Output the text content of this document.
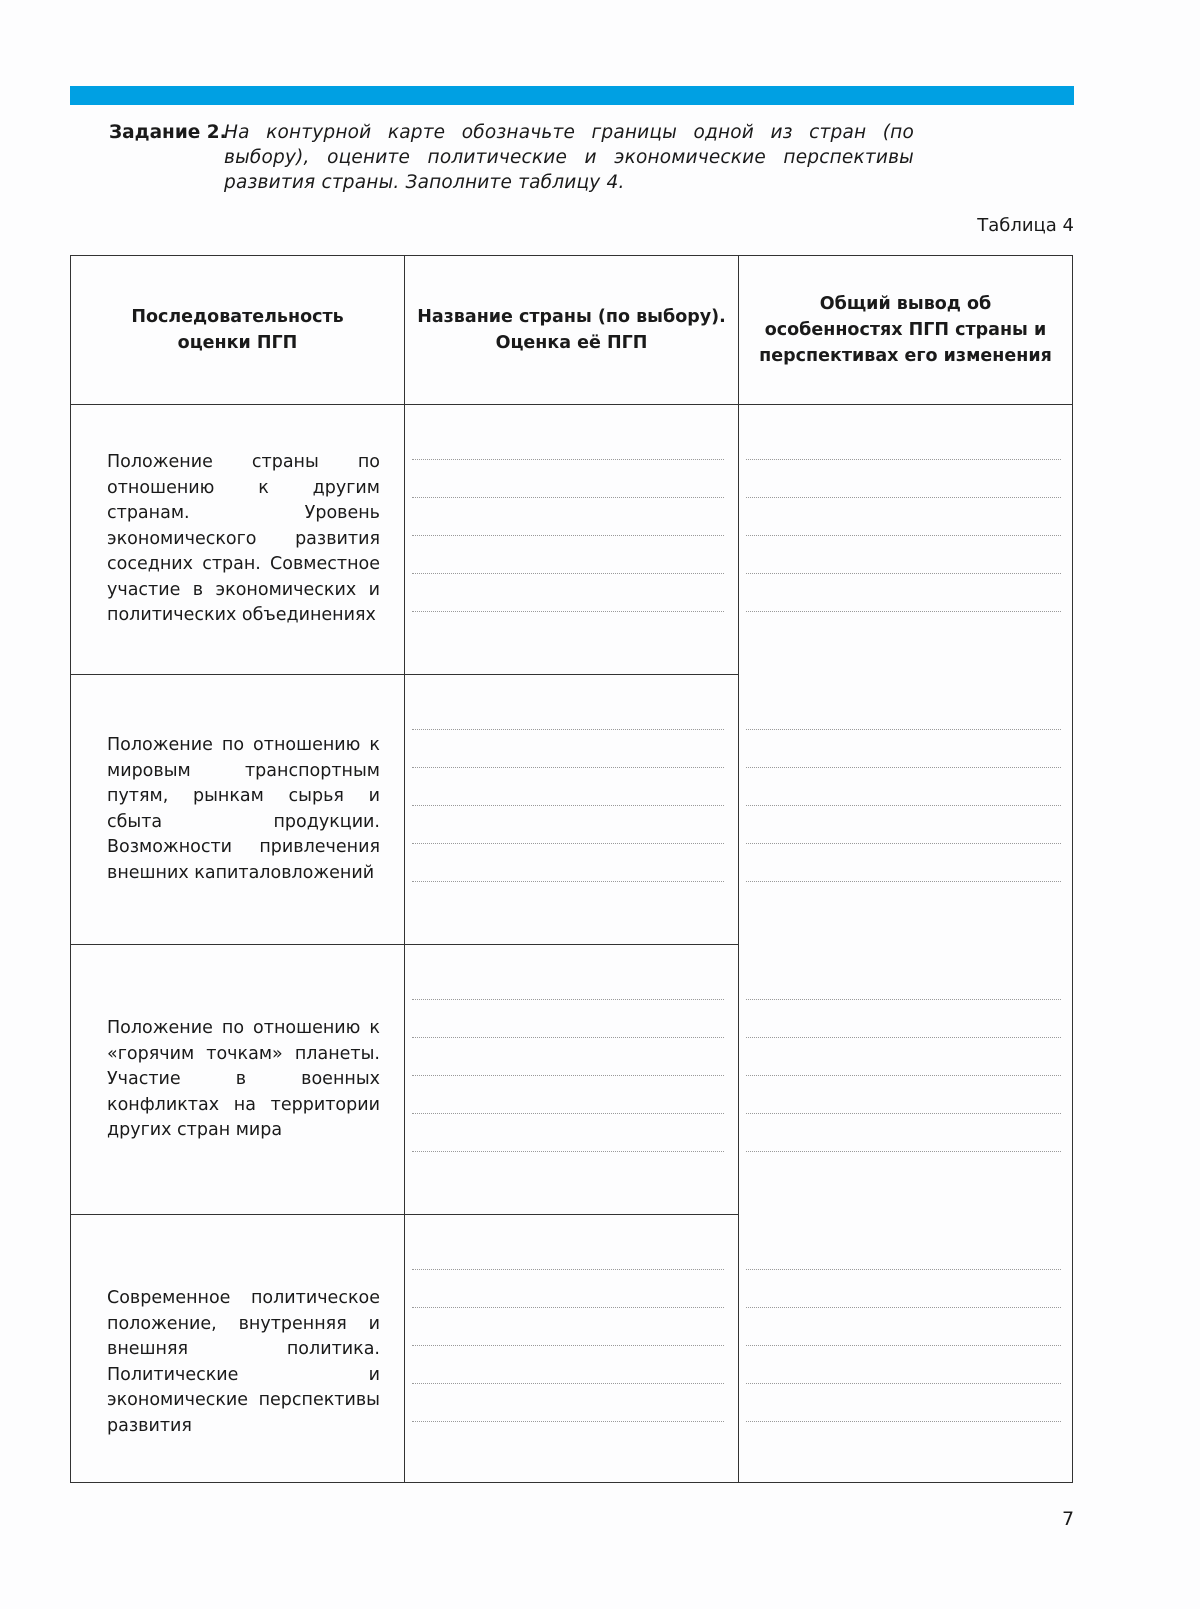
Задание 2.
На контурной карте обозначьте границы одной из стран (по выбору), оцените политические и экономические перспективы развития страны. Заполните таблицу 4.
Таблица 4
Последовательность оценки ПГП
Название страны (по выбору). Оценка её ПГП
Общий вывод об особенностях ПГП страны и перспективах его изменения
Положение страны по отношению к другим странам. Уровень экономического развития соседних стран. Совместное участие в экономических и политических объединениях
Положение по отношению к мировым транспортным путям, рынкам сырья и сбыта продукции. Возможности привлечения внешних капиталовложений
Положение по отношению к «горячим точкам» планеты. Участие в военных конфликтах на территории других стран мира
Современное политическое положение, внутренняя и внешняя политика. Политические и экономические перспективы развития
7
